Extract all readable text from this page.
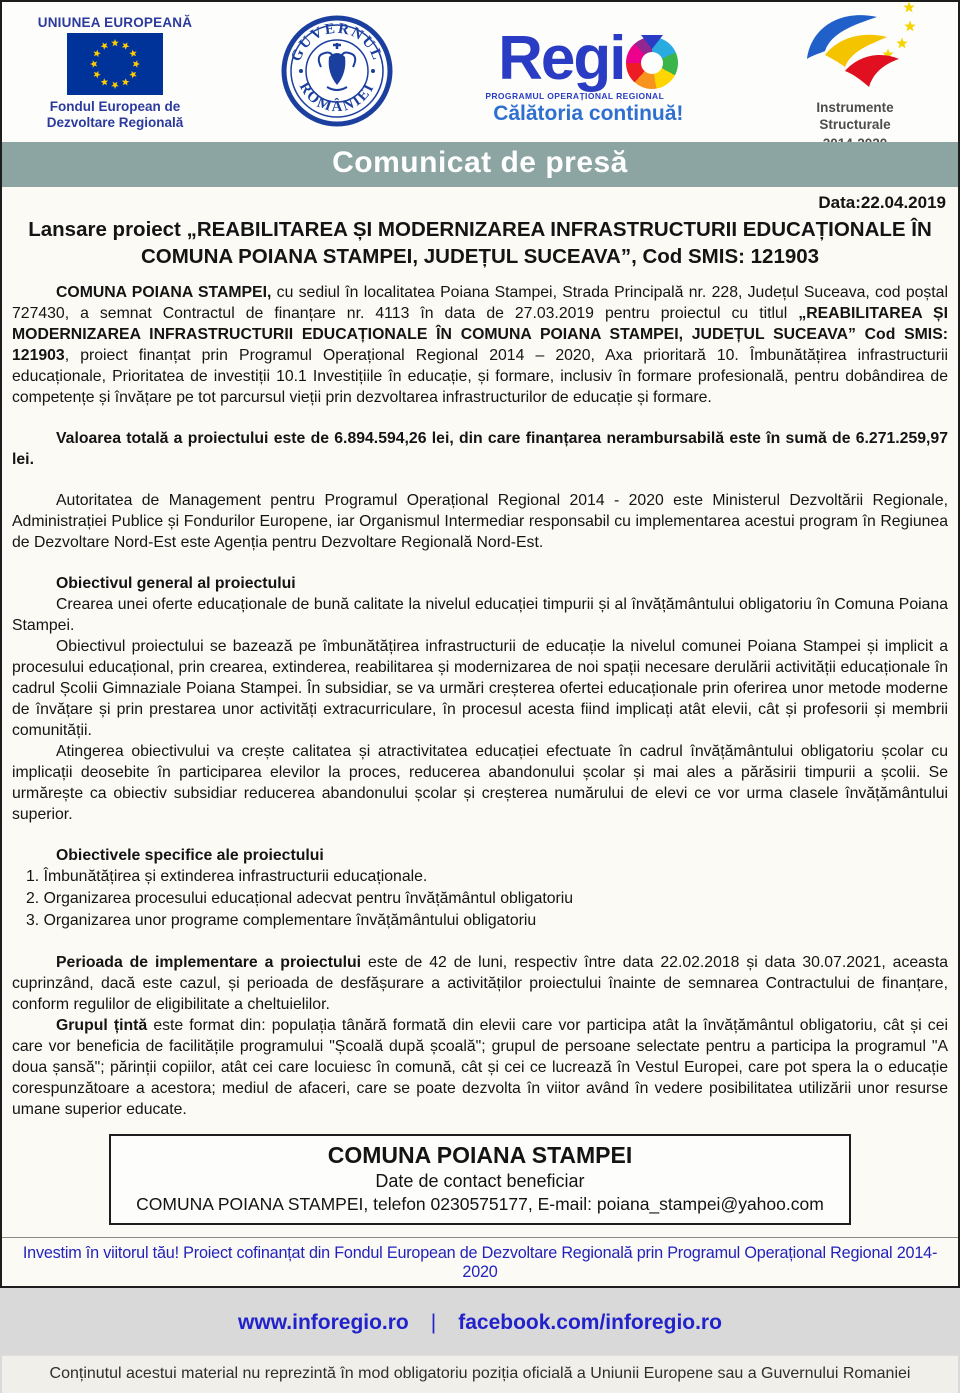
UNIUNEA EUROPEANĂ
Fondul European de Dezvoltare Regională
GUVERNUL
ROMÂNIEI Regi
PROGRAMUL OPERAȚIONAL REGIONAL
Călătoria continuă!	Instrumente Structurale
Comunicat de presă
Data:22.04.2019
Lansare proiect „REABILITAREA ȘI MODERNIZAREA INFRASTRUCTURII EDUCAȚIONALE ÎN COMUNA POIANA STAMPEI, JUDEȚUL SUCEAVA”, Cod SMIS: 121903

COMUNA POIANA STAMPEI, cu sediul în localitatea Poiana Stampei, Strada Principală nr. 228, Județul Suceava, cod poștal 727430, a semnat Contractul de finanțare nr. 4113 în data de 27.03.2019 pentru proiectul cu titlul „REABILITAREA ȘI MODERNIZAREA INFRASTRUCTURII EDUCAȚIONALE ÎN COMUNA POIANA STAMPEI, JUDEȚUL SUCEAVA” Cod SMIS: 121903, proiect finanțat prin Programul Operațional Regional 2014 – 2020, Axa prioritară 10. Îmbunătățirea infrastructurii educaționale, Prioritatea de investiții 10.1 Investițiile în educație, și formare, inclusiv în formare profesională, pentru dobândirea de competențe și învățare pe tot parcursul vieții prin dezvoltarea infrastructurilor de educație și formare.

Valoarea totală a proiectului este de 6.894.594,26 lei, din care finanțarea nerambursabilă este în sumă de 6.271.259,97 lei.

Autoritatea de Management pentru Programul Operațional Regional 2014 - 2020 este Ministerul Dezvoltării Regionale, Administrației Publice și Fondurilor Europene, iar Organismul Intermediar responsabil cu implementarea acestui program în Regiunea de Dezvoltare Nord-Est este Agenția pentru Dezvoltare Regională Nord-Est.

Obiectivul general al proiectului

Crearea unei oferte educaționale de bună calitate la nivelul educației timpurii și al învățământului obligatoriu în Comuna Poiana Stampei.

Obiectivul proiectului se bazează pe îmbunătățirea infrastructurii de educație la nivelul comunei Poiana Stampei și implicit a procesului educațional, prin crearea, extinderea, reabilitarea și modernizarea de noi spații necesare derulării activității educaționale în cadrul Școlii Gimnaziale Poiana Stampei. În subsidiar, se va urmări creșterea ofertei educaționale prin oferirea unor metode moderne de învățare și prin prestarea unor activități extracurriculare, în procesul acesta fiind implicați atât elevii, cât și profesorii și membrii comunității.

Atingerea obiectivului va crește calitatea și atractivitatea educației efectuate în cadrul învățământului obligatoriu școlar cu implicații deosebite în participarea elevilor la proces, reducerea abandonului școlar și mai ales a părăsirii timpurii a școlii. Se urmărește ca obiectiv subsidiar reducerea abandonului școlar și creșterea numărului de elevi ce vor urma clasele învățământului superior.

Obiectivele specifice ale proiectului
1. Îmbunătățirea și extinderea infrastructurii educaționale.
2. Organizarea procesului educațional adecvat pentru învățământul obligatoriu
3. Organizarea unor programe complementare învățământului obligatoriu

Perioada de implementare a proiectului este de 42 de luni, respectiv între data 22.02.2018 și data 30.07.2021, aceasta cuprinzând, dacă este cazul, și perioada de desfășurare a activităților proiectului înainte de semnarea Contractului de finanțare, conform regulilor de eligibilitate a cheltuielilor.

Grupul țintă este format din: populația tânără formată din elevii care vor participa atât la învățământul obligatoriu, cât și cei care vor beneficia de facilitățile programului "Școală după școală"; grupul de persoane selectate pentru a participa la programul "A doua șansă"; părinții copiilor, atât cei care locuiesc în comună, cât și cei ce lucrează în Vestul Europei, care pot spera la o educație corespunzătoare a acestora; mediul de afaceri, care se poate dezvolta în viitor având în vedere posibilitatea utilizării unor resurse umane superior educate.

COMUNA POIANA STAMPEI
Date de contact beneficiar
COMUNA POIANA STAMPEI, telefon 0230575177, E-mail: poiana_stampei@yahoo.com
Investim în viitorul tău! Proiect cofinanțat din Fondul European de Dezvoltare Regională prin Programul Operațional Regional 2014-2020
www.inforegio.ro | facebook.com/inforegio.ro
Conținutul acestui material nu reprezintă în mod obligatoriu poziția oficială a Uniunii Europene sau a Guvernului Romaniei
